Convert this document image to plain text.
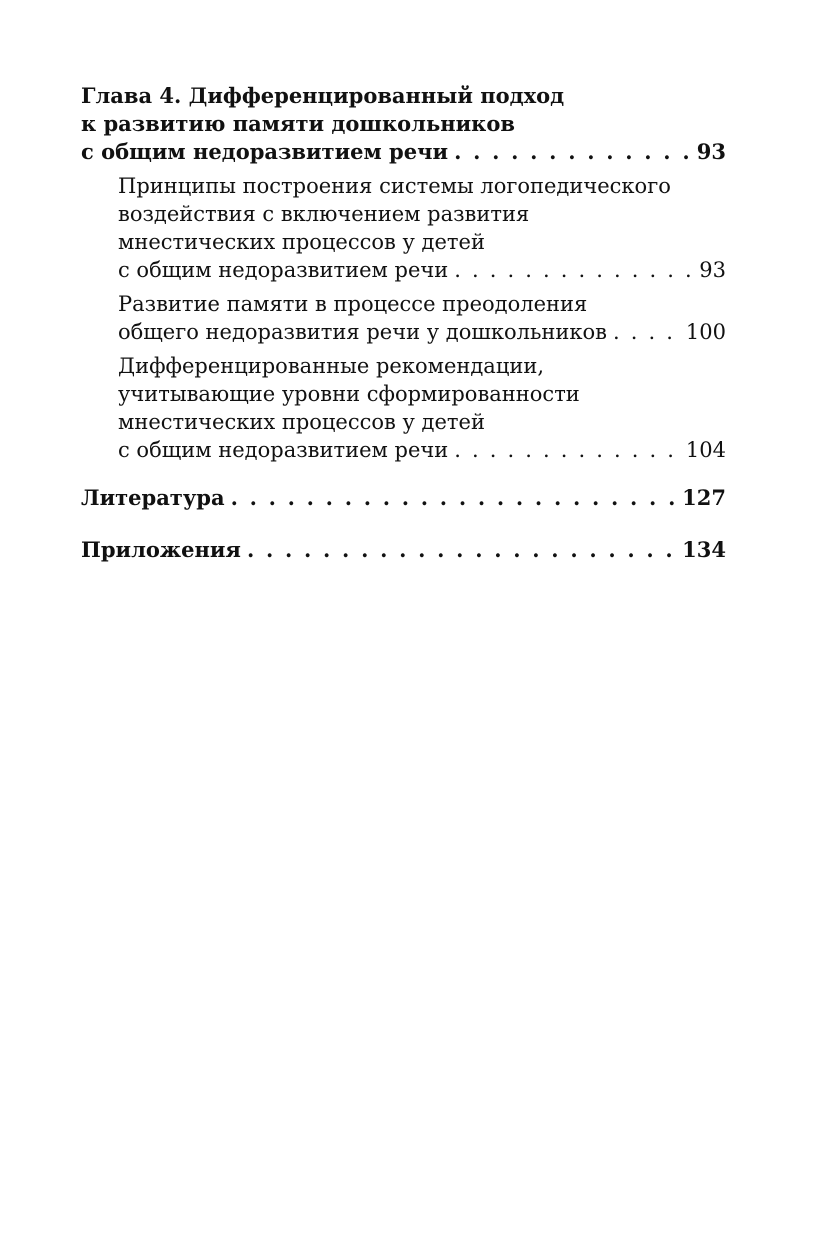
Глава 4. Дифференцированный подход
к развитию памяти дошкольников
с общим недоразвитием речи . . .	93
Принципы построения системы логопедического
воздействия с включением развития
мнестических процессов у детей
с общим недоразвитием речи . . .	93
Развитие памяти в процессе преодоления
общего недоразвития речи у дошкольников . . .	100
Дифференцированные рекомендации,
учитывающие уровни сформированности
мнестических процессов у детей
с общим недоразвитием речи . . .	104
Литература . . .	127
Приложения . . .	134
